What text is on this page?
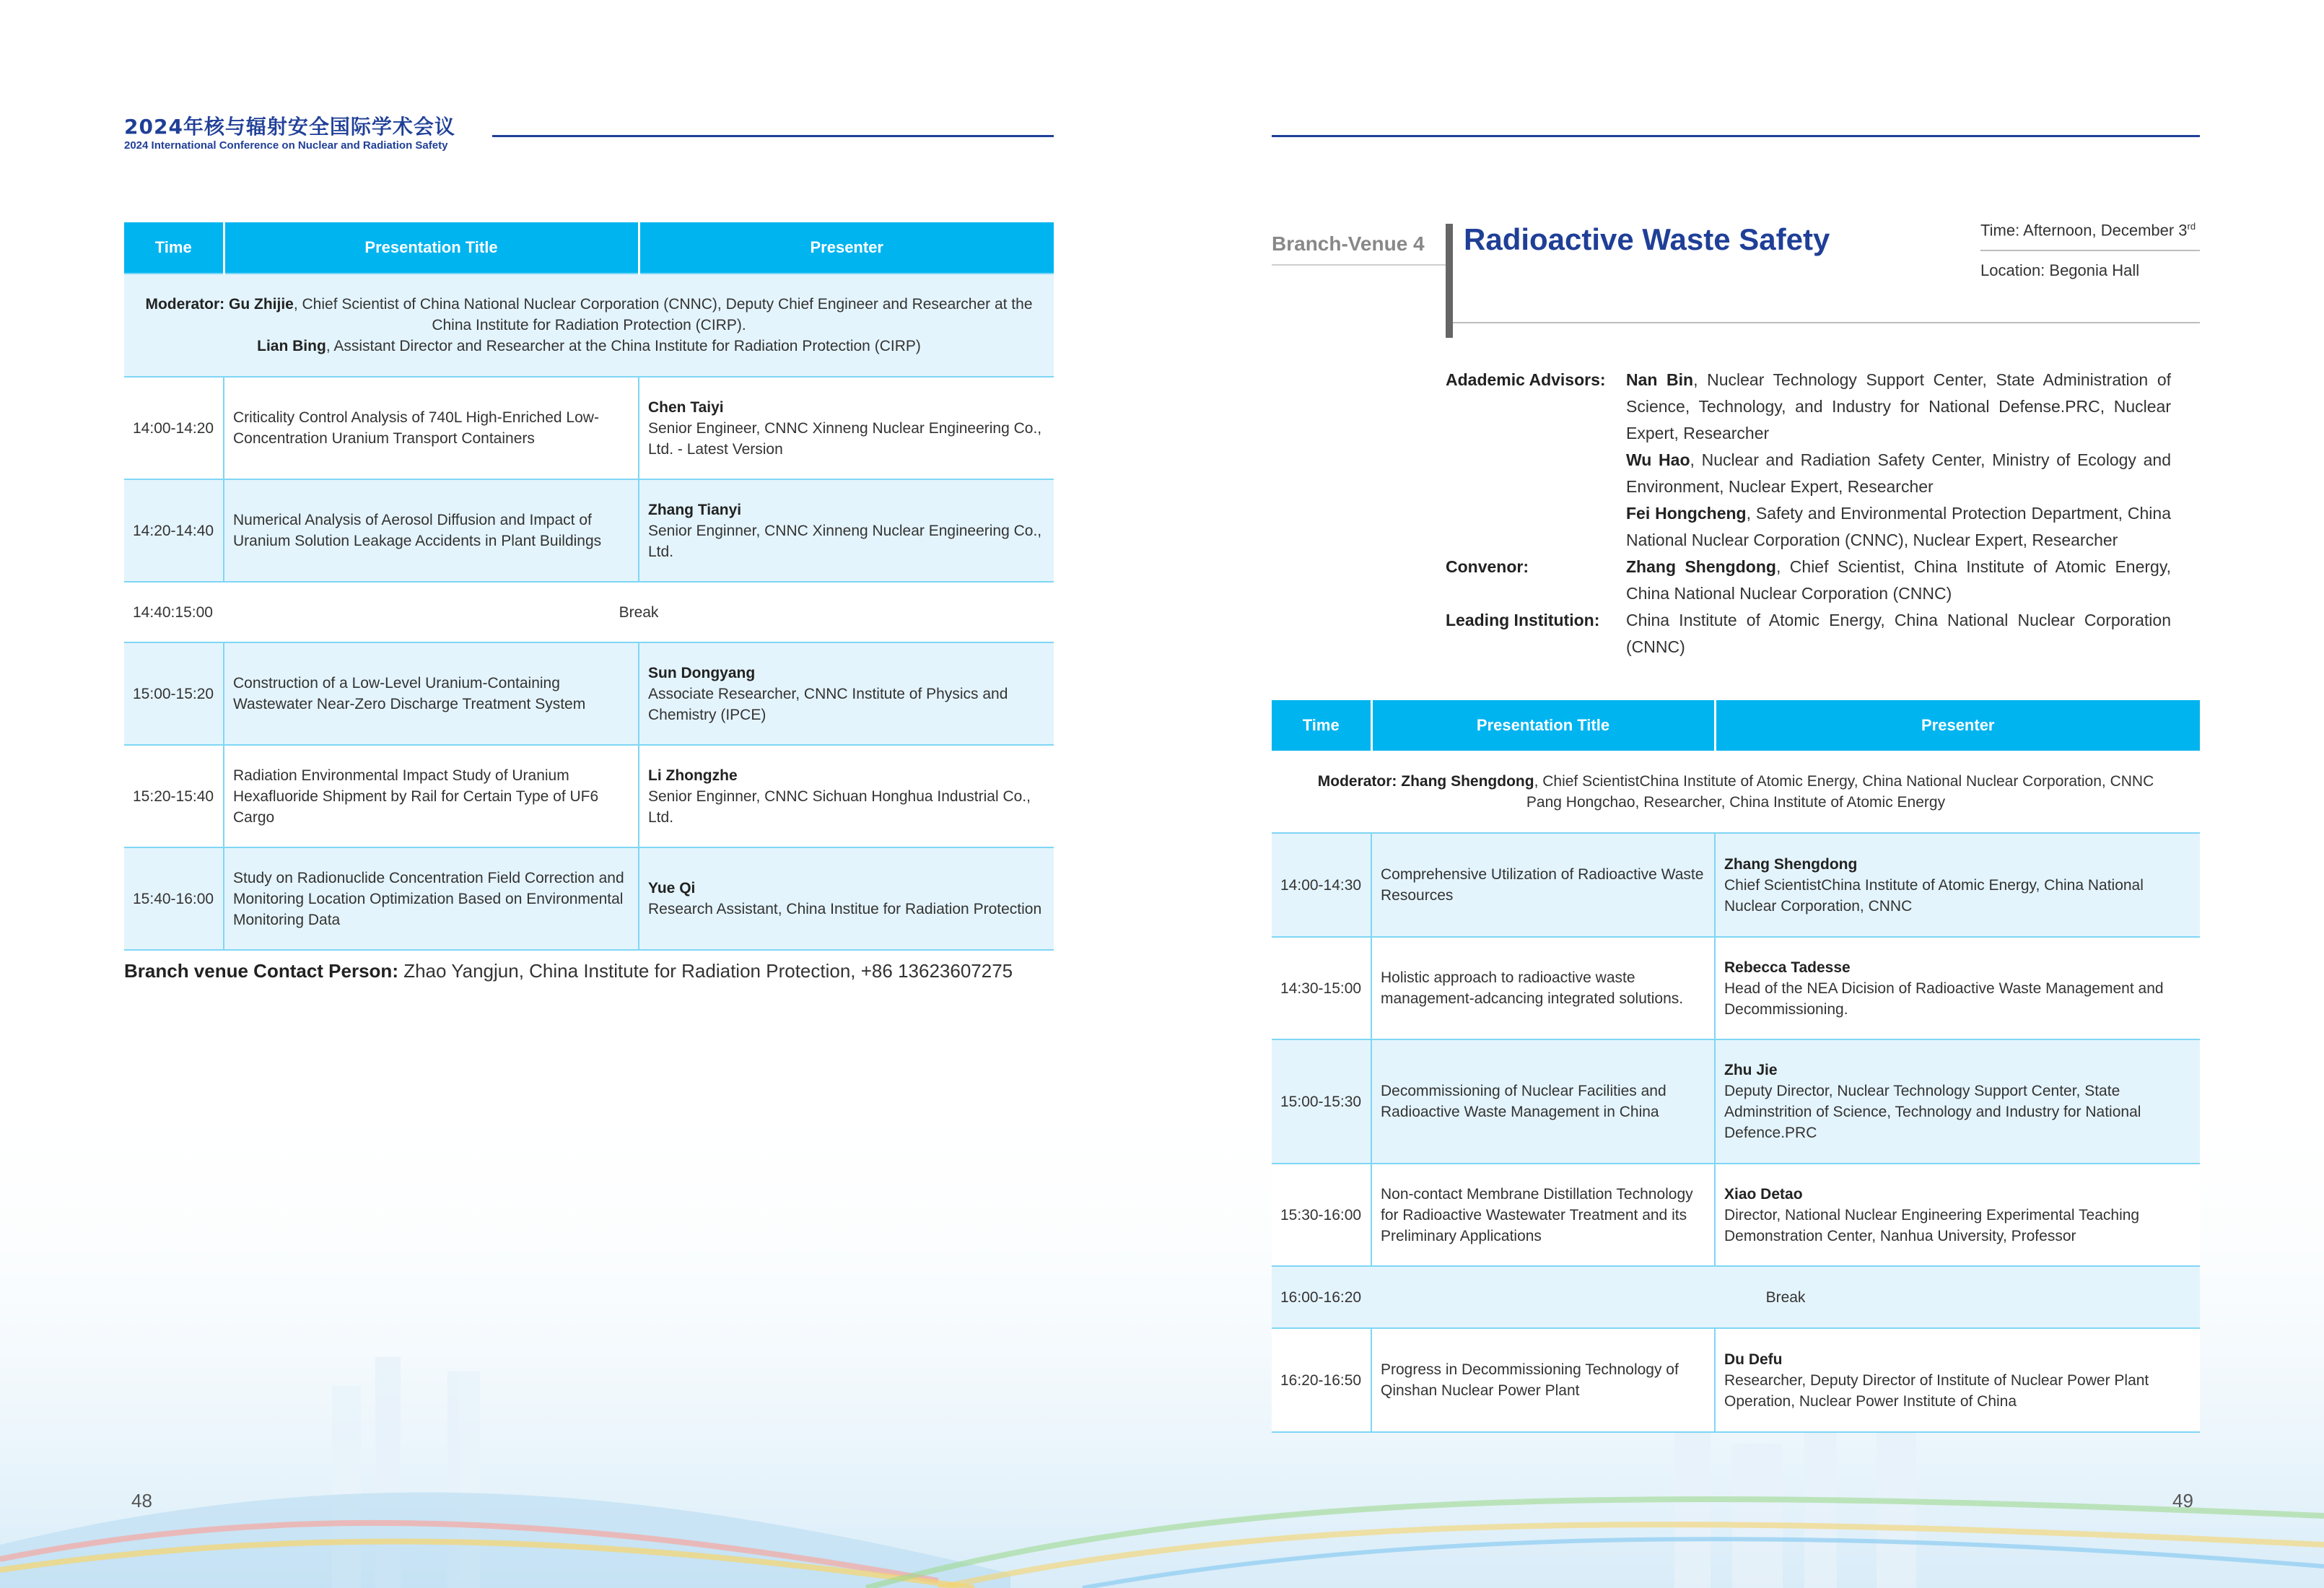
2024年核与辐射安全国际学术会议
2024 International Conference on Nuclear and Radiation Safety
Time	Presentation Title	Presenter
Moderator: Gu Zhijie, Chief Scientist of China National Nuclear Corporation (CNNC), Deputy Chief Engineer and Researcher at the China Institute for Radiation Protection (CIRP).
Lian Bing, Assistant Director and Researcher at the China Institute for Radiation Protection (CIRP)		
14:00-14:20	Criticality Control Analysis of 740L High-Enriched Low-Concentration Uranium Transport Containers	Chen Taiyi
Senior Engineer, CNNC Xinneng Nuclear Engineering Co., Ltd. - Latest Version
14:20-14:40	Numerical Analysis of Aerosol Diffusion and Impact of Uranium Solution Leakage Accidents in Plant Buildings	Zhang Tianyi
Senior Enginner, CNNC Xinneng Nuclear Engineering Co., Ltd.
14:40:15:00	Break	
15:00-15:20	Construction of a Low-Level Uranium-Containing Wastewater Near-Zero Discharge Treatment System	Sun Dongyang
Associate Researcher, CNNC Institute of Physics and Chemistry (IPCE)
15:20-15:40	Radiation Environmental Impact Study of Uranium Hexafluoride Shipment by Rail for Certain Type of UF6 Cargo	Li Zhongzhe
Senior Enginner, CNNC Sichuan Honghua Industrial Co., Ltd.
15:40-16:00	Study on Radionuclide Concentration Field Correction and Monitoring Location Optimization Based on Environmental Monitoring Data	Yue Qi
Research Assistant, China Institue for Radiation Protection
Branch venue Contact Person: Zhao Yangjun, China Institute for Radiation Protection, +86 13623607275
48
Branch-Venue 4 Radioactive Waste Safety	Time: Afternoon, December 3rd
Location: Begonia Hall
Adademic Advisors:	Nan Bin, Nuclear Technology Support Center, State Administration of Science, Technology, and Industry for National Defense.PRC, Nuclear Expert, Researcher

Wu Hao, Nuclear and Radiation Safety Center, Ministry of Ecology and Environment, Nuclear Expert, Researcher

Fei Hongcheng, Safety and Environmental Protection Department, China National Nuclear Corporation (CNNC), Nuclear Expert, Researcher

Convenor:	Zhang Shengdong, Chief Scientist, China Institute of Atomic Energy, China National Nuclear Corporation (CNNC)
Leading Institution:	China Institute of Atomic Energy, China National Nuclear Corporation (CNNC)
Time	Presentation Title	Presenter
Moderator: Zhang Shengdong, Chief ScientistChina Institute of Atomic Energy, China National Nuclear Corporation, CNNC
Pang Hongchao, Researcher, China Institute of Atomic Energy		
14:00-14:30	Comprehensive Utilization of Radioactive Waste Resources	Zhang Shengdong
Chief ScientistChina Institute of Atomic Energy, China National Nuclear Corporation, CNNC
14:30-15:00	Holistic approach to radioactive waste management-adcancing integrated solutions.	Rebecca Tadesse
Head of the NEA Dicision of Radioactive Waste Management and Decommissioning.
15:00-15:30	Decommissioning of Nuclear Facilities and Radioactive Waste Management in China	Zhu Jie
Deputy Director, Nuclear Technology Support Center, State Adminstrition of Science, Technology and Industry for National Defence.PRC
15:30-16:00	Non-contact Membrane Distillation Technology for Radioactive Wastewater Treatment and its Preliminary Applications	Xiao Detao
Director, National Nuclear Engineering Experimental Teaching Demonstration Center, Nanhua University, Professor
16:00-16:20	Break	
16:20-16:50	Progress in Decommissioning Technology of Qinshan Nuclear Power Plant	Du Defu
Researcher, Deputy Director of Institute of Nuclear Power Plant Operation, Nuclear Power Institute of China
49
